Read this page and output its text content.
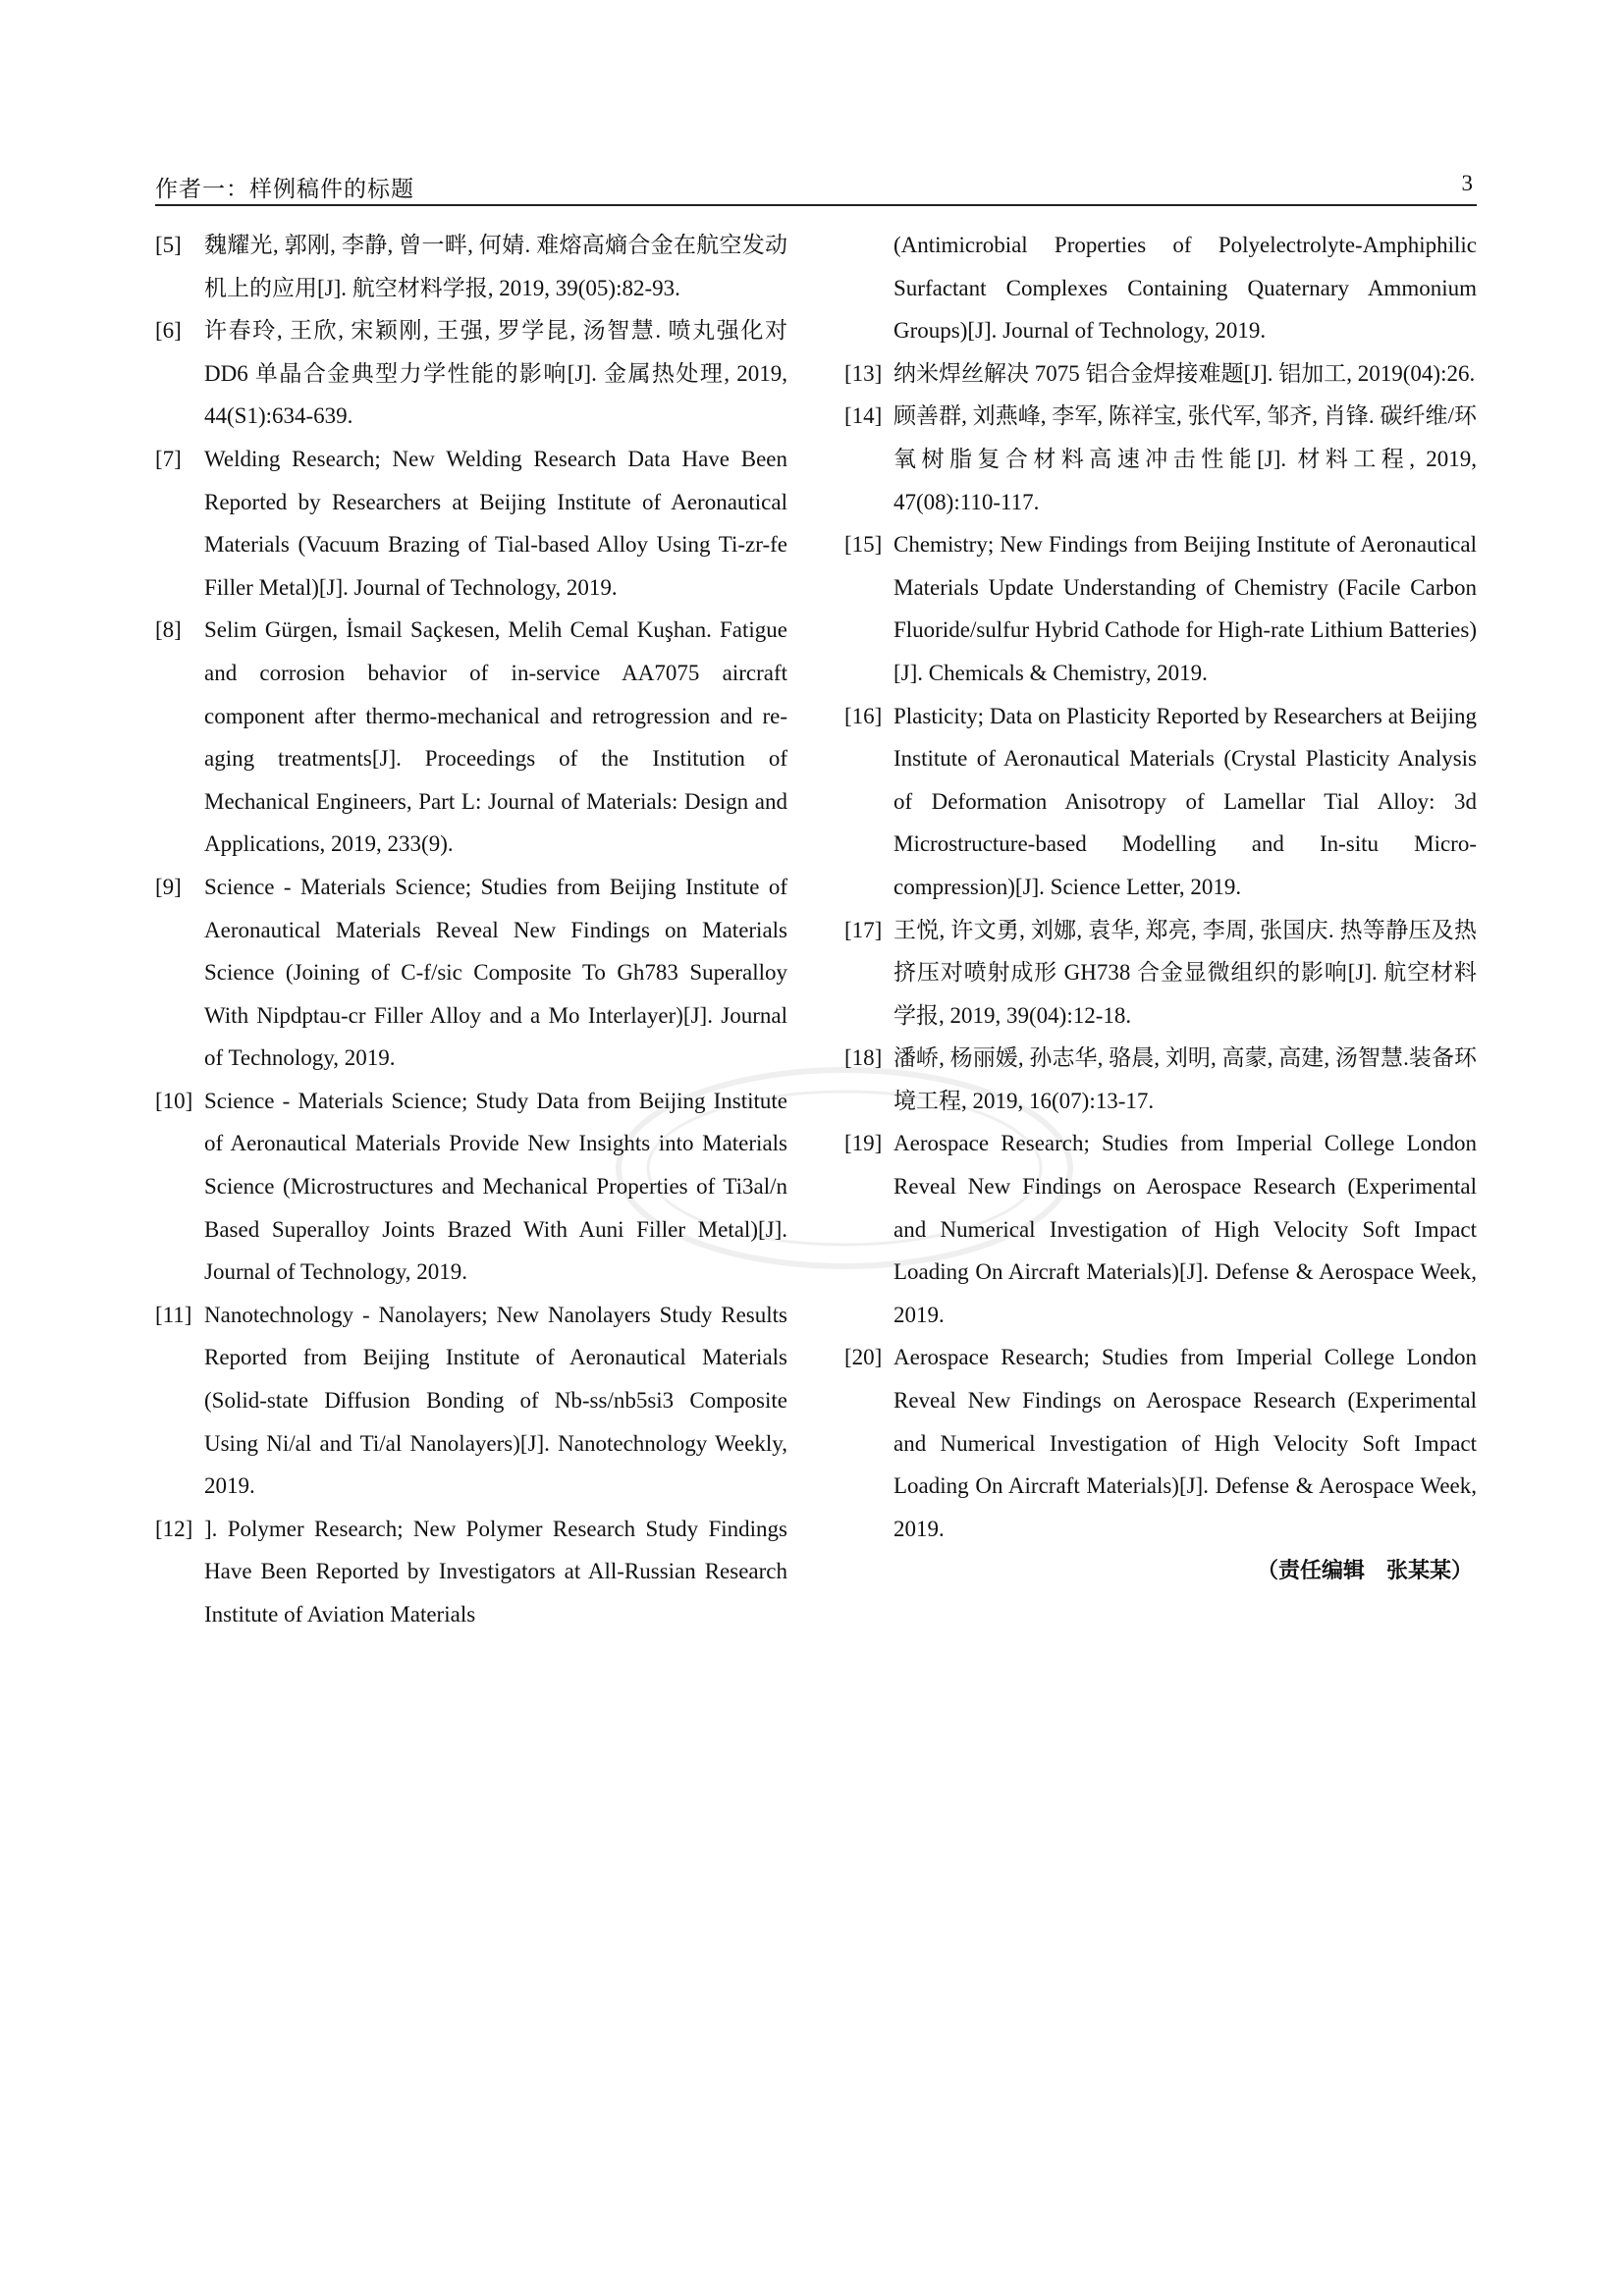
作者一：样例稿件的标题	3
[5] 魏耀光, 郭刚, 李静, 曾一畔, 何婧. 难熔高熵合金在航空发动机上的应用[J]. 航空材料学报, 2019, 39(05):82-93.
[6] 许春玲, 王欣, 宋颖刚, 王强, 罗学昆, 汤智慧. 喷丸强化对 DD6 单晶合金典型力学性能的影响[J]. 金属热处理, 2019, 44(S1):634-639.
[7] Welding Research; New Welding Research Data Have Been Reported by Researchers at Beijing Institute of Aeronautical Materials (Vacuum Brazing of Tial-based Alloy Using Ti-zr-fe Filler Metal)[J]. Journal of Technology, 2019.
[8] Selim Gürgen, İsmail Saçkesen, Melih Cemal Kuşhan. Fatigue and corrosion behavior of in-service AA7075 aircraft component after thermo-mechanical and retrogression and re-aging treatments[J]. Proceedings of the Institution of Mechanical Engineers, Part L: Journal of Materials: Design and Applications, 2019, 233(9).
[9] Science - Materials Science; Studies from Beijing Institute of Aeronautical Materials Reveal New Findings on Materials Science (Joining of C-f/sic Composite To Gh783 Superalloy With Nipdptau-cr Filler Alloy and a Mo Interlayer)[J]. Journal of Technology, 2019.
[10] Science - Materials Science; Study Data from Beijing Institute of Aeronautical Materials Provide New Insights into Materials Science (Microstructures and Mechanical Properties of Ti3al/n Based Superalloy Joints Brazed With Auni Filler Metal)[J]. Journal of Technology, 2019.
[11] Nanotechnology - Nanolayers; New Nanolayers Study Results Reported from Beijing Institute of Aeronautical Materials (Solid-state Diffusion Bonding of Nb-ss/nb5si3 Composite Using Ni/al and Ti/al Nanolayers)[J]. Nanotechnology Weekly, 2019.
[12] ]. Polymer Research; New Polymer Research Study Findings Have Been Reported by Investigators at All-Russian Research Institute of Aviation Materials
(Antimicrobial Properties of Polyelectrolyte-Amphiphilic Surfactant Complexes Containing Quaternary Ammonium Groups)[J]. Journal of Technology, 2019.
[13] 纳米焊丝解决 7075 铝合金焊接难题[J]. 铝加工, 2019(04):26.
[14] 顾善群, 刘燕峰, 李军, 陈祥宝, 张代军, 邹齐, 肖锋. 碳纤维/环氧树脂复合材料高速冲击性能[J]. 材料工程, 2019, 47(08):110-117.
[15] Chemistry; New Findings from Beijing Institute of Aeronautical Materials Update Understanding of Chemistry (Facile Carbon Fluoride/sulfur Hybrid Cathode for High-rate Lithium Batteries)[J]. Chemicals & Chemistry, 2019.
[16] Plasticity; Data on Plasticity Reported by Researchers at Beijing Institute of Aeronautical Materials (Crystal Plasticity Analysis of Deformation Anisotropy of Lamellar Tial Alloy: 3d Microstructure-based Modelling and In-situ Micro-compression)[J]. Science Letter, 2019.
[17] 王悦, 许文勇, 刘娜, 袁华, 郑亮, 李周, 张国庆. 热等静压及热挤压对喷射成形 GH738 合金显微组织的影响[J]. 航空材料学报, 2019, 39(04):12-18.
[18] 潘峤, 杨丽媛, 孙志华, 骆晨, 刘明, 高蒙, 高建, 汤智慧.装备环境工程, 2019, 16(07):13-17.
[19] Aerospace Research; Studies from Imperial College London Reveal New Findings on Aerospace Research (Experimental and Numerical Investigation of High Velocity Soft Impact Loading On Aircraft Materials)[J]. Defense & Aerospace Week, 2019.
[20] Aerospace Research; Studies from Imperial College London Reveal New Findings on Aerospace Research (Experimental and Numerical Investigation of High Velocity Soft Impact Loading On Aircraft Materials)[J]. Defense & Aerospace Week, 2019.
（责任编辑　张某某）
